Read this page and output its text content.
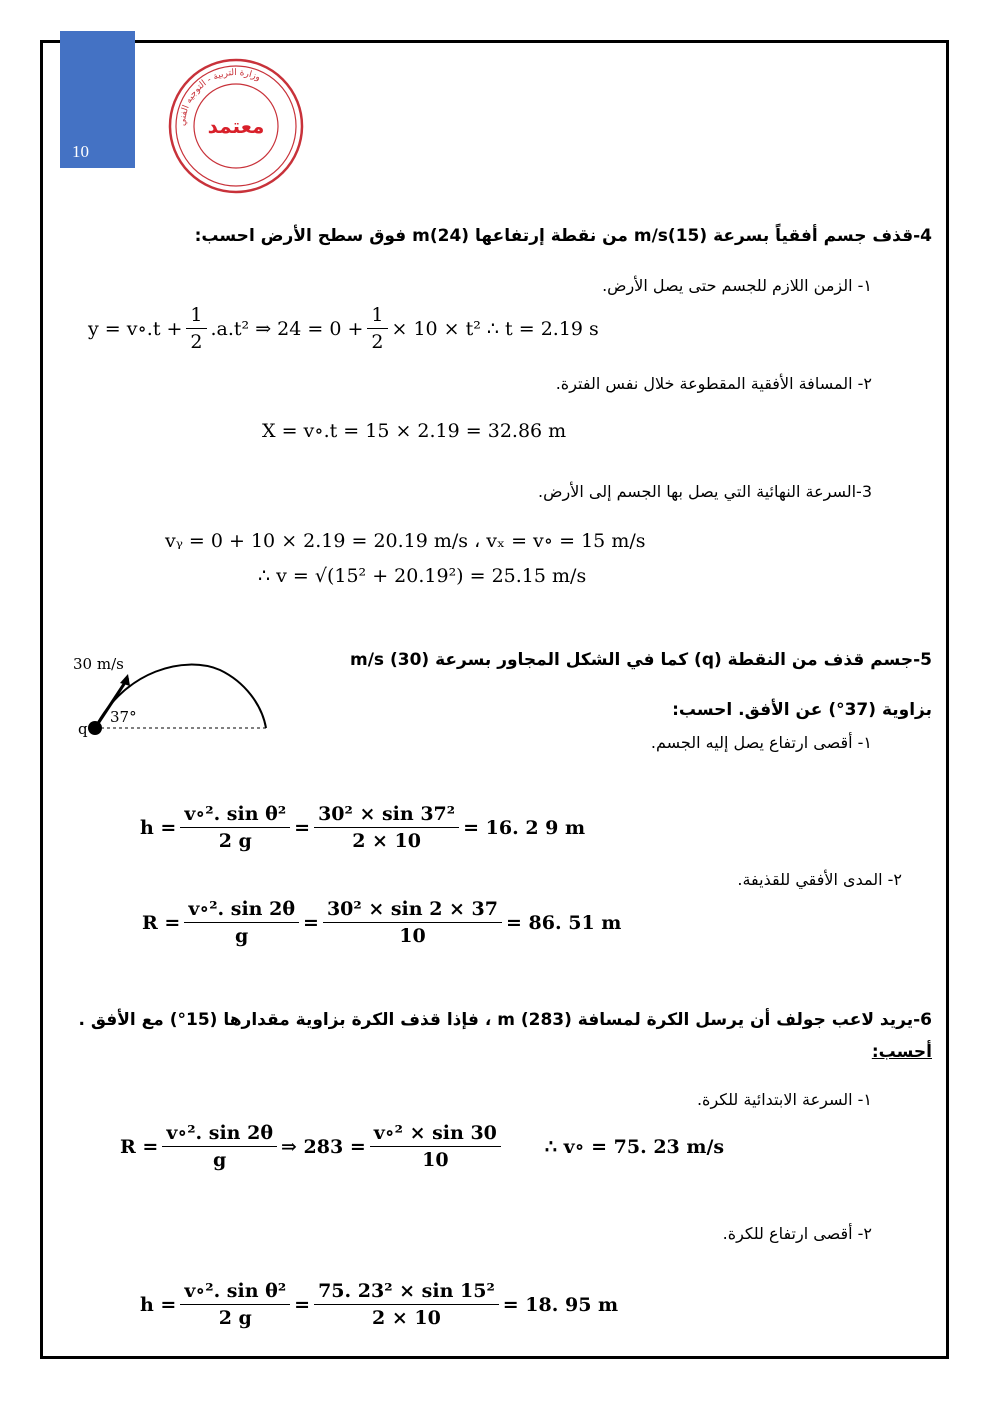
10
وزارة التربية - التوجيه الفني
معتمد
4-قذف جسم أفقياً بسرعة (15)m/s من نقطة إرتفاعها (24)m فوق سطح الأرض احسب:
١- الزمن اللازم للجسم حتى يصل الأرض.
y = v∘.t + $\frac{1}{2} .a.t^2$ ⇒ $24 = 0 + \frac{1}{2} \times 10 \times t^2$ ∴ t = 2.19 s
٢- المسافة الأفقية المقطوعة خلال نفس الفترة.
X = v∘.t = 15 × 2.19 = 32.86 m
3-السرعة النهائية التي يصل بها الجسم إلى الأرض.
vᵧ = 0 + 10 × 2.19 = 20.19 m/s ، vₓ = v∘ = 15 m/s
∴ v = √(15² + 20.19²) = 25.15 m/s
5-جسم قذف من النقطة (q) كما في الشكل المجاور بسرعة (30) m/s
بزاوية (37°) عن الأفق. احسب:
30 m/s
37°
q
١- أقصى ارتفاع يصل إليه الجسم.
$h = \frac{\text{v∘². sin θ²}}{2 g} = \frac{\text{30² × sin 37²}}{2 \times 10} = 16$. 2 9 m
٢- المدى الأفقي للقذيفة.
$R = \frac{\text{v∘². sin 2θ}}{g} = \frac{\text{30² × sin 2 × 37}}{10} = 86$. 51 m
6-يريد لاعب جولف أن يرسل الكرة لمسافة m (283) ، فإذا قذف الكرة بزاوية مقدارها (15°) مع الأفق .
أحسب:
١- السرعة الابتدائية للكرة.
$R = \frac{\text{v∘². sin 2θ}}{g}$ ⇒ $283 = \frac{\text{v∘² × sin 30}}{10}$ ∴ v∘ = 75. 23 m/s
٢- أقصى ارتفاع للكرة.
$h = \frac{\text{v∘². sin θ²}}{2 g} = \frac{\text{75. 23² × sin 15²}}{2 \times 10} = 18$. 95 m
